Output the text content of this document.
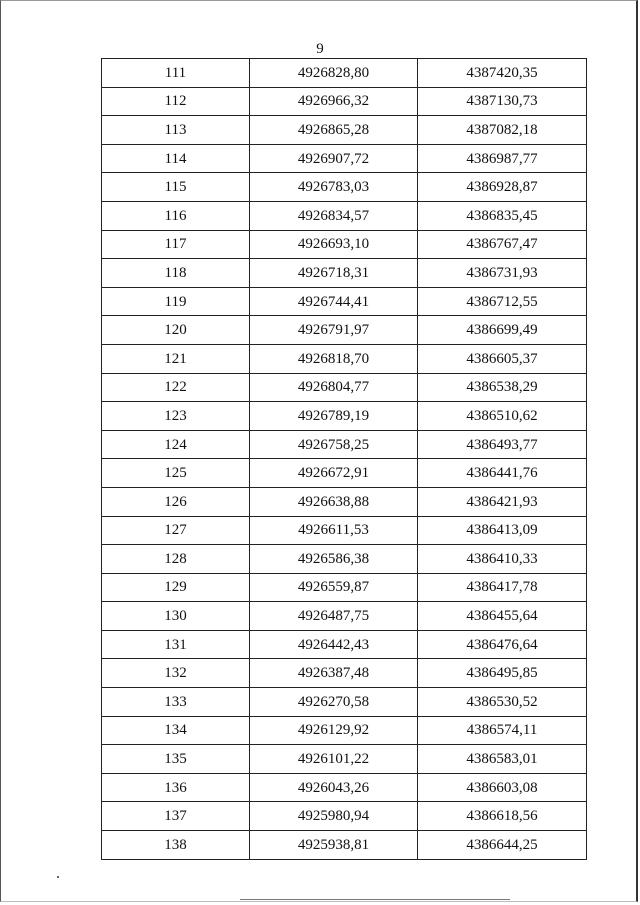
9
111	4926828,80	4387420,35
112	4926966,32	4387130,73
113	4926865,28	4387082,18
114	4926907,72	4386987,77
115	4926783,03	4386928,87
116	4926834,57	4386835,45
117	4926693,10	4386767,47
118	4926718,31	4386731,93
119	4926744,41	4386712,55
120	4926791,97	4386699,49
121	4926818,70	4386605,37
122	4926804,77	4386538,29
123	4926789,19	4386510,62
124	4926758,25	4386493,77
125	4926672,91	4386441,76
126	4926638,88	4386421,93
127	4926611,53	4386413,09
128	4926586,38	4386410,33
129	4926559,87	4386417,78
130	4926487,75	4386455,64
131	4926442,43	4386476,64
132	4926387,48	4386495,85
133	4926270,58	4386530,52
134	4926129,92	4386574,11
135	4926101,22	4386583,01
136	4926043,26	4386603,08
137	4925980,94	4386618,56
138	4925938,81	4386644,25
